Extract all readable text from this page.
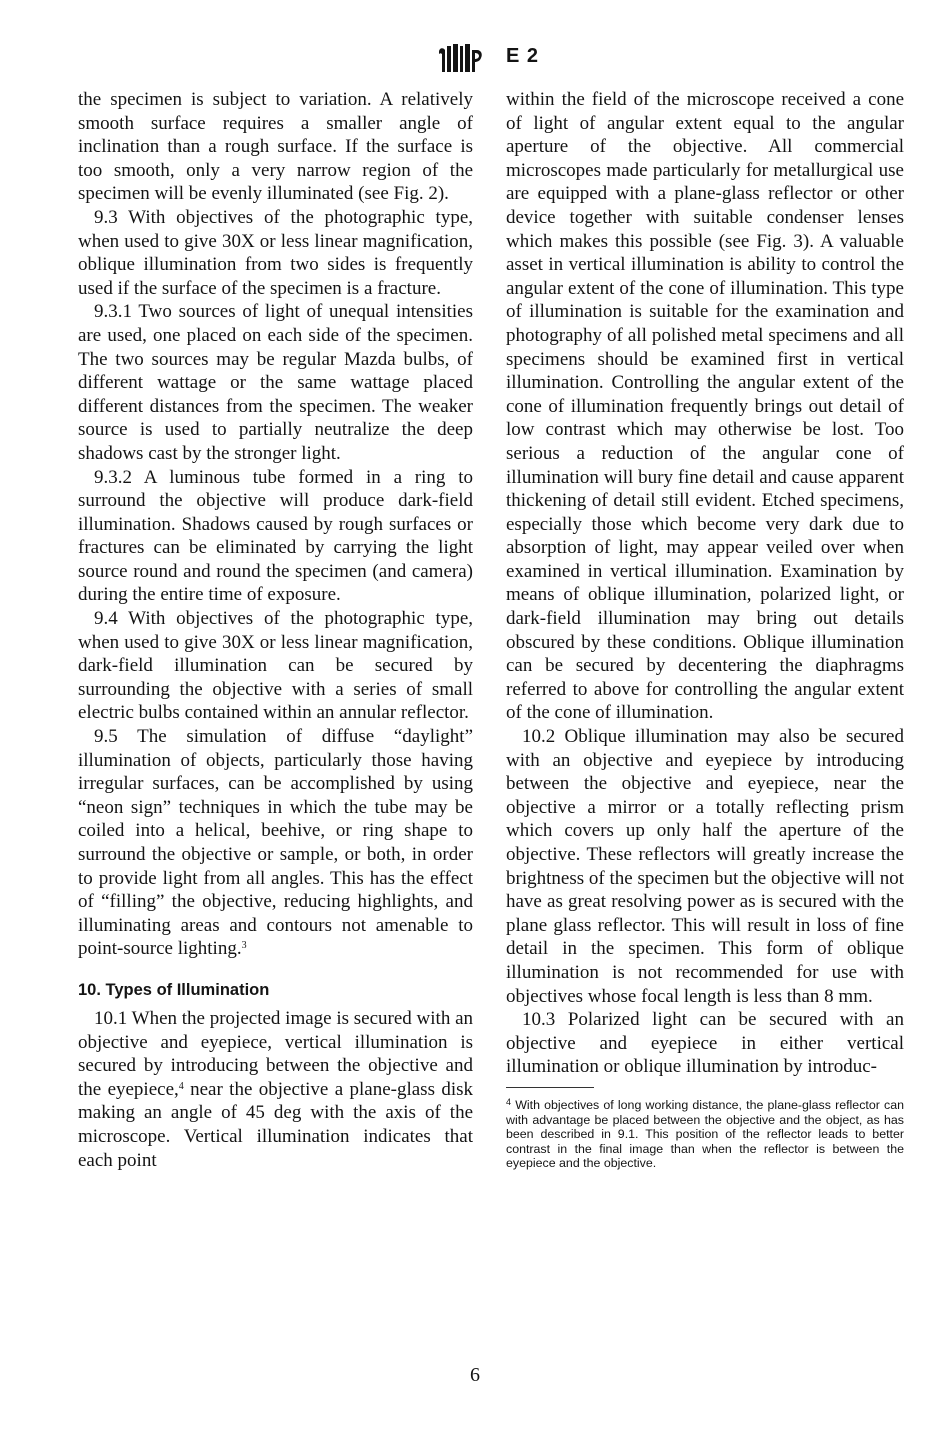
E 2

the specimen is subject to variation. A relatively smooth surface requires a smaller angle of inclination than a rough surface. If the surface is too smooth, only a very narrow region of the specimen will be evenly illuminated (see Fig. 2).

9.3 With objectives of the photographic type, when used to give 30X or less linear magnification, oblique illumination from two sides is frequently used if the surface of the specimen is a fracture.

9.3.1 Two sources of light of unequal intensities are used, one placed on each side of the specimen. The two sources may be regular Mazda bulbs, of different wattage or the same wattage placed different distances from the specimen. The weaker source is used to partially neutralize the deep shadows cast by the stronger light.

9.3.2 A luminous tube formed in a ring to surround the objective will produce dark-field illumination. Shadows caused by rough surfaces or fractures can be eliminated by carrying the light source round and round the specimen (and camera) during the entire time of exposure.

9.4 With objectives of the photographic type, when used to give 30X or less linear magnification, dark-field illumination can be secured by surrounding the objective with a series of small electric bulbs contained within an annular reflector.

9.5 The simulation of diffuse “daylight” illumination of objects, particularly those having irregular surfaces, can be accomplished by using “neon sign” techniques in which the tube may be coiled into a helical, beehive, or ring shape to surround the objective or sample, or both, in order to provide light from all angles. This has the effect of “filling” the objective, reducing highlights, and illuminating areas and contours not amenable to point-source lighting.$^3$

10. Types of Illumination

10.1 When the projected image is secured with an objective and eyepiece, vertical illumination is secured by introducing between the objective and the eyepiece,$^4$ near the objective a plane-glass disk making an angle of 45 deg with the axis of the microscope. Vertical illumination indicates that each point

within the field of the microscope received a cone of light of angular extent equal to the angular aperture of the objective. All commercial microscopes made particularly for metallurgical use are equipped with a plane-glass reflector or other device together with suitable condenser lenses which makes this possible (see Fig. 3). A valuable asset in vertical illumination is ability to control the angular extent of the cone of illumination. This type of illumination is suitable for the examination and photography of all polished metal specimens and all specimens should be examined first in vertical illumination. Controlling the angular extent of the cone of illumination frequently brings out detail of low contrast which may otherwise be lost. Too serious a reduction of the angular cone of illumination will bury fine detail and cause apparent thickening of detail still evident. Etched specimens, especially those which become very dark due to absorption of light, may appear veiled over when examined in vertical illumination. Examination by means of oblique illumination, polarized light, or dark-field illumination may bring out details obscured by these conditions. Oblique illumination can be secured by decentering the diaphragms referred to above for controlling the angular extent of the cone of illumination.

10.2 Oblique illumination may also be secured with an objective and eyepiece by introducing between the objective and eyepiece, near the objective a mirror or a totally reflecting prism which covers up only half the aperture of the objective. These reflectors will greatly increase the brightness of the specimen but the objective will not have as great resolving power as is secured with the plane glass reflector. This will result in loss of fine detail in the specimen. This form of oblique illumination is not recommended for use with objectives whose focal length is less than 8 mm.

10.3 Polarized light can be secured with an objective and eyepiece in either vertical illumination or oblique illumination by introduc-

$^4$ With objectives of long working distance, the plane-glass reflector can with advantage be placed between the objective and the object, as has been described in 9.1. This position of the reflector leads to better contrast in the final image than when the reflector is between the eyepiece and the objective.

6
